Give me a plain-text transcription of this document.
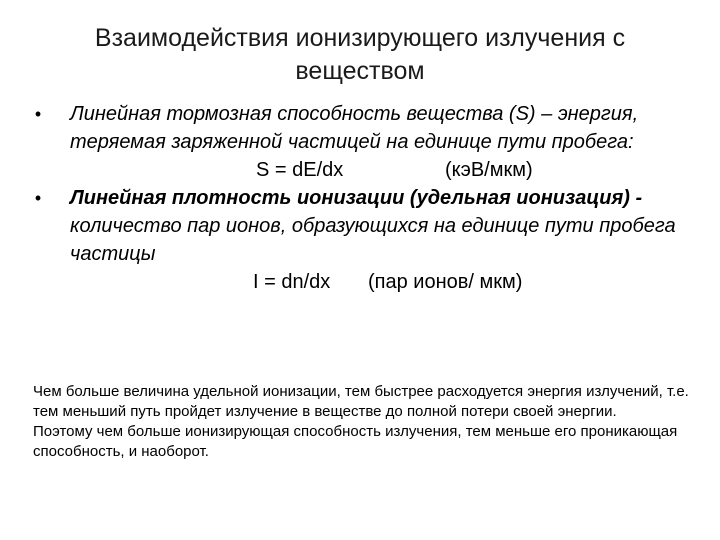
Взаимодействия ионизирующего излучения с веществом
•	Линейная тормозная способность вещества (S) – энергия, теряемая заряженной частицей на единице пути пробега:
S = dE/dx	(кэВ/мкм)
•	Линейная плотность ионизации (удельная ионизация) - количество пар ионов, образующихся на единице пути пробега частицы
I = dn/dx (пар ионов/ мкм)

Чем больше величина удельной ионизации, тем быстрее расходуется энергия излучений, т.е. тем меньший путь пройдет излучение в веществе до полной потери своей энергии.

Поэтому чем больше ионизирующая способность излучения, тем меньше его проникающая способность, и наоборот.
